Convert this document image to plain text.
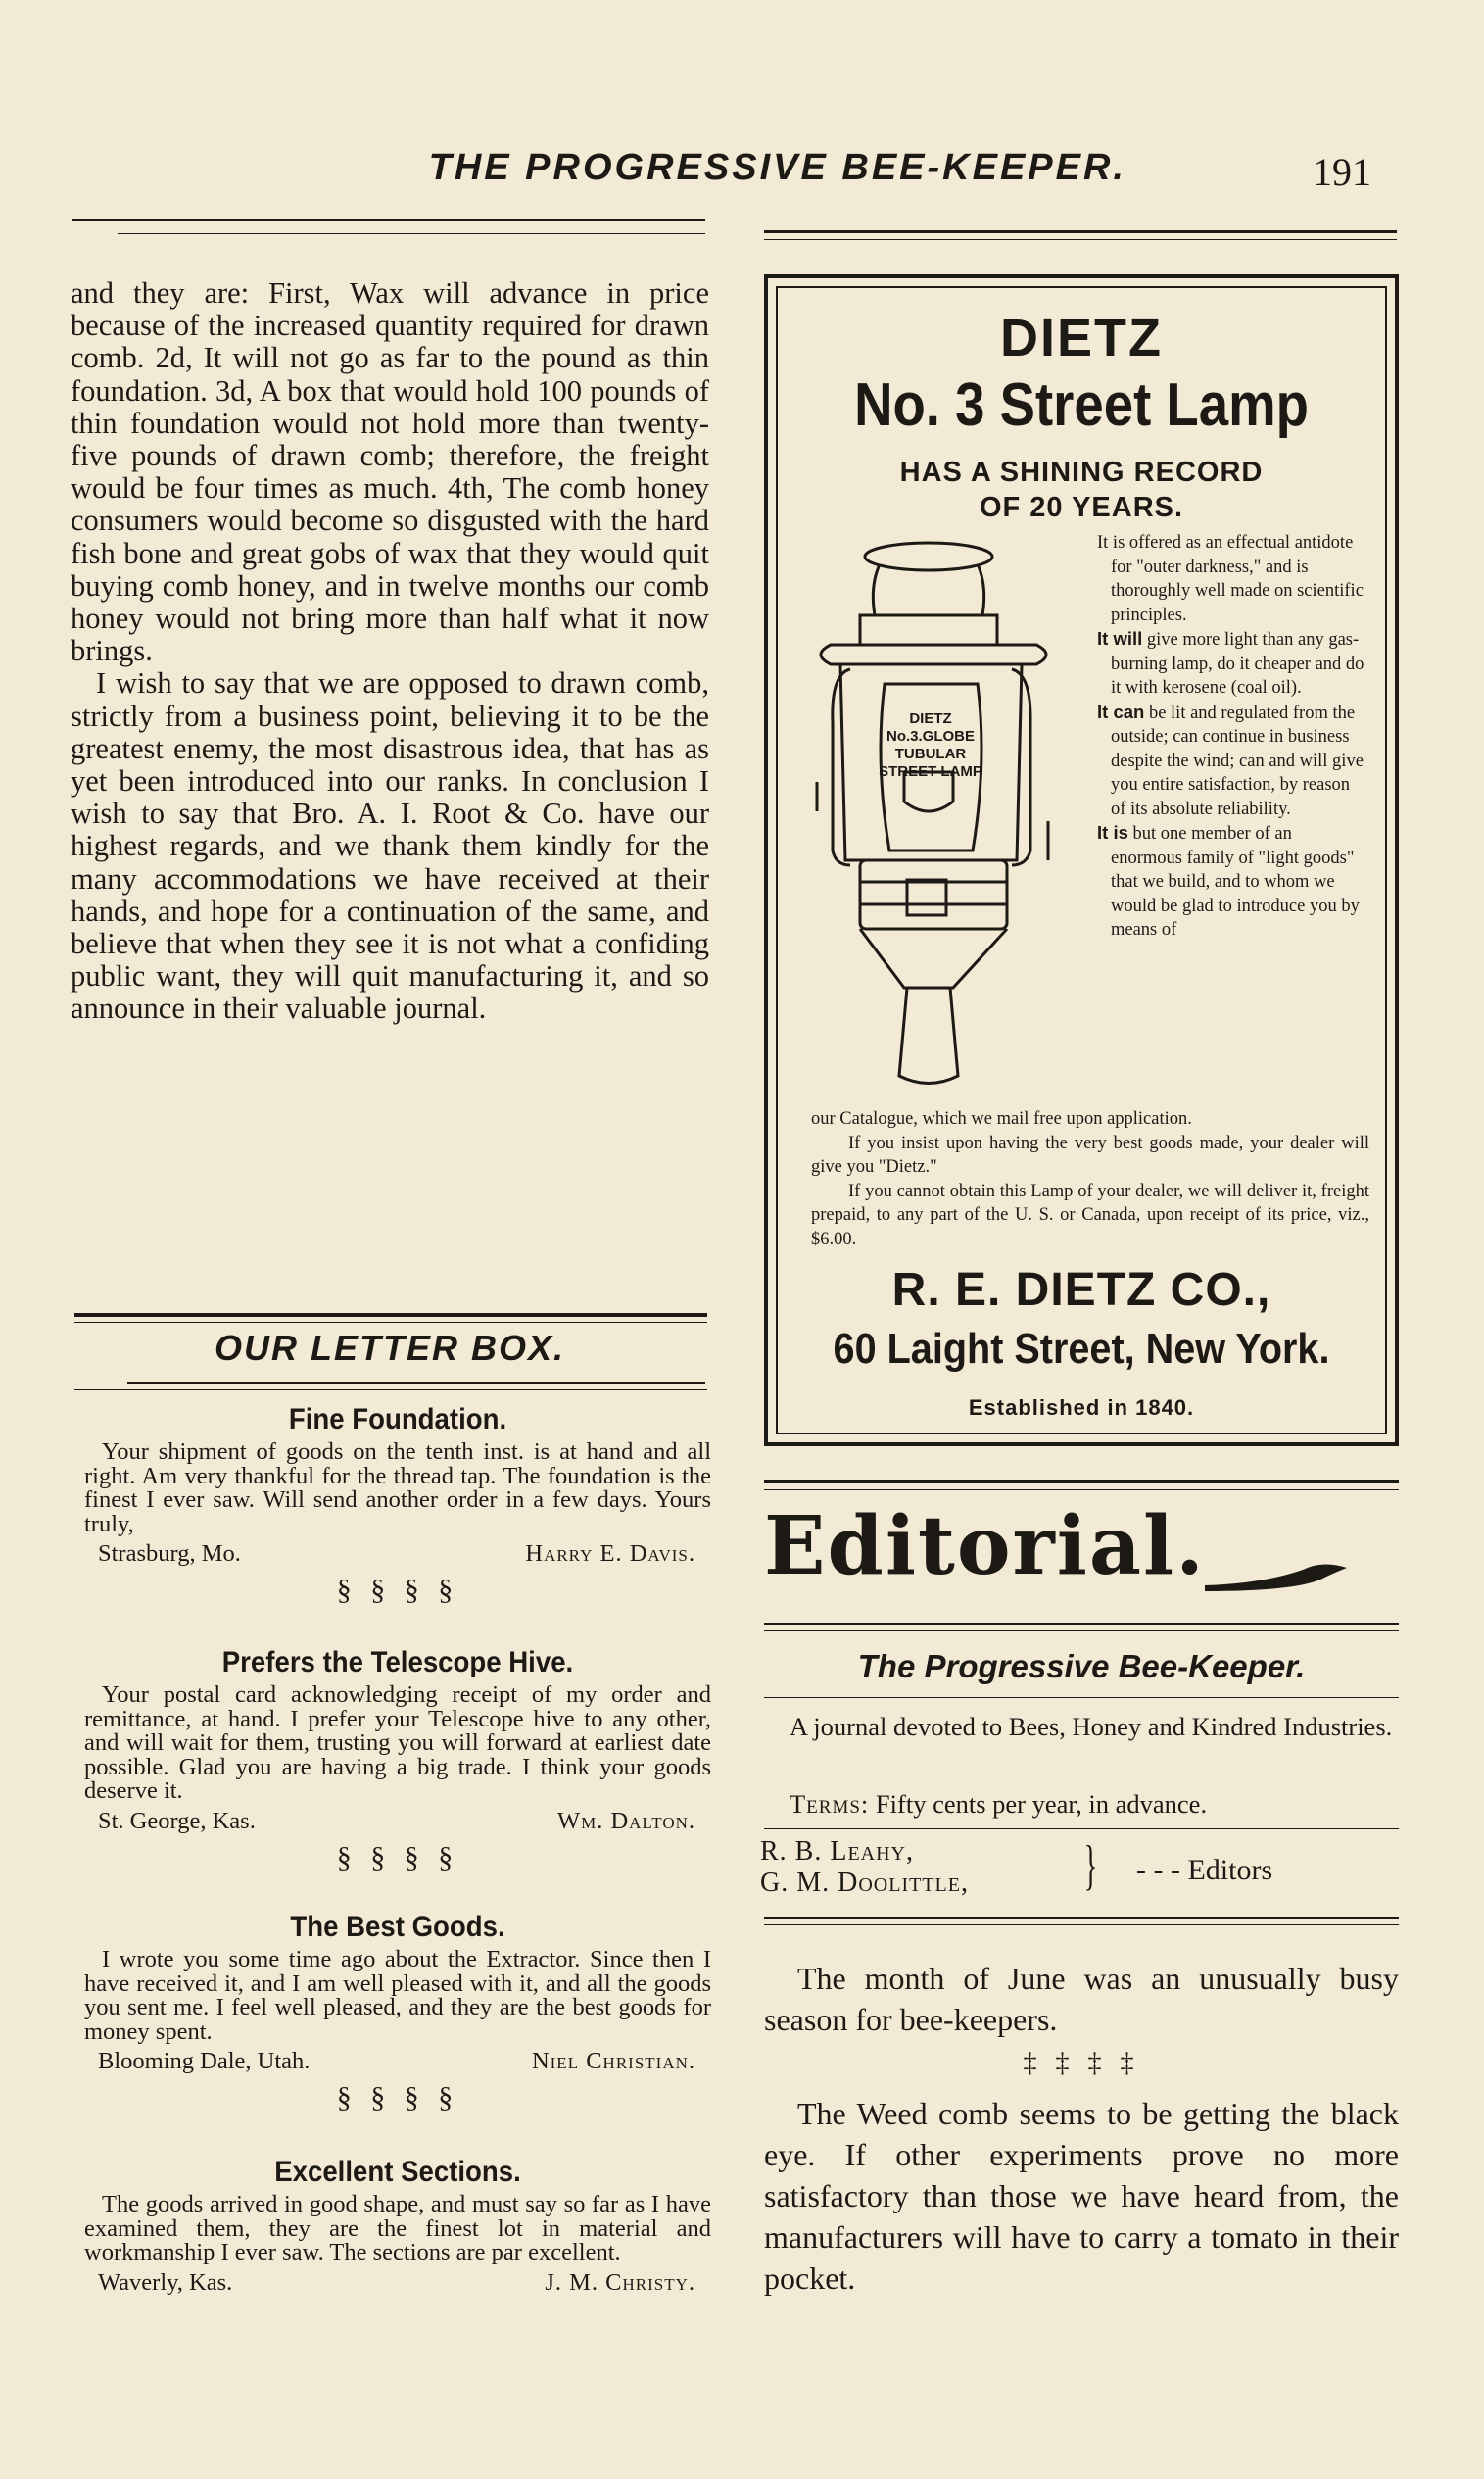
THE PROGRESSIVE BEE-KEEPER.	191

and they are: First, Wax will advance in price because of the increased quantity required for drawn comb. 2d, It will not go as far to the pound as thin foundation. 3d, A box that would hold 100 pounds of thin foundation would not hold more than twenty-five pounds of drawn comb; therefore, the freight would be four times as much. 4th, The comb honey consumers would become so disgusted with the hard fish bone and great gobs of wax that they would quit buying comb honey, and in twelve months our comb honey would not bring more than half what it now brings.

I wish to say that we are opposed to drawn comb, strictly from a business point, believing it to be the greatest enemy, the most disastrous idea, that has as yet been introduced into our ranks. In conclusion I wish to say that Bro. A. I. Root & Co. have our highest regards, and we thank them kindly for the many accommodations we have received at their hands, and hope for a continuation of the same, and believe that when they see it is not what a confiding public want, they will quit manufacturing it, and so announce in their valuable journal.

OUR LETTER BOX.

Fine Foundation.

Your shipment of goods on the tenth inst. is at hand and all right. Am very thankful for the thread tap. The foundation is the finest I ever saw. Will send another order in a few days. Yours truly,

Strasburg, Mo.	Harry E. Davis.
§ § § §

Prefers the Telescope Hive.

Your postal card acknowledging receipt of my order and remittance, at hand. I prefer your Telescope hive to any other, and will wait for them, trusting you will forward at earliest date possible. Glad you are having a big trade. I think your goods deserve it.

St. George, Kas.	Wm. Dalton.
§ § § §

The Best Goods.

I wrote you some time ago about the Extractor. Since then I have received it, and I am well pleased with it, and all the goods you sent me. I feel well pleased, and they are the best goods for money spent.

Blooming Dale, Utah.	Niel Christian.
§ § § §

Excellent Sections.

The goods arrived in good shape, and must say so far as I have examined them, they are the finest lot in material and workmanship I ever saw. The sections are par excellent.

Waverly, Kas.	J. M. Christy.
DIETZ
No. 3 Street Lamp
HAS A SHINING RECORD
OF 20 YEARS.
DIETZ
No.3.GLOBE
TUBULAR
STREET LAMP

It is offered as an effectual antidote for "outer darkness," and is thoroughly well made on scientific principles.

It will give more light than any gas-burning lamp, do it cheaper and do it with kerosene (coal oil).

It can be lit and regulated from the outside; can continue in business despite the wind; can and will give you entire satisfaction, by reason of its absolute reliability.

It is but one member of an enormous family of "light goods" that we build, and to whom we would be glad to introduce you by means of

our Catalogue, which we mail free upon application.

If you insist upon having the very best goods made, your dealer will give you "Dietz."

If you cannot obtain this Lamp of your dealer, we will deliver it, freight prepaid, to any part of the U. S. or Canada, upon receipt of its price, viz., $6.00.

R. E. DIETZ CO.,
60 Laight Street, New York.
Established in 1840.
Editorial.
The Progressive Bee-Keeper.
A journal devoted to Bees, Honey and Kindred Industries.
Terms: Fifty cents per year, in advance.
R. B. Leahy,
G. M. Doolittle, } - - - Editors
The month of June was an unusually busy season for bee-keepers.
‡ ‡ ‡ ‡
The Weed comb seems to be getting the black eye. If other experiments prove no more satisfactory than those we have heard from, the manufacturers will have to carry a tomato in their pocket.
